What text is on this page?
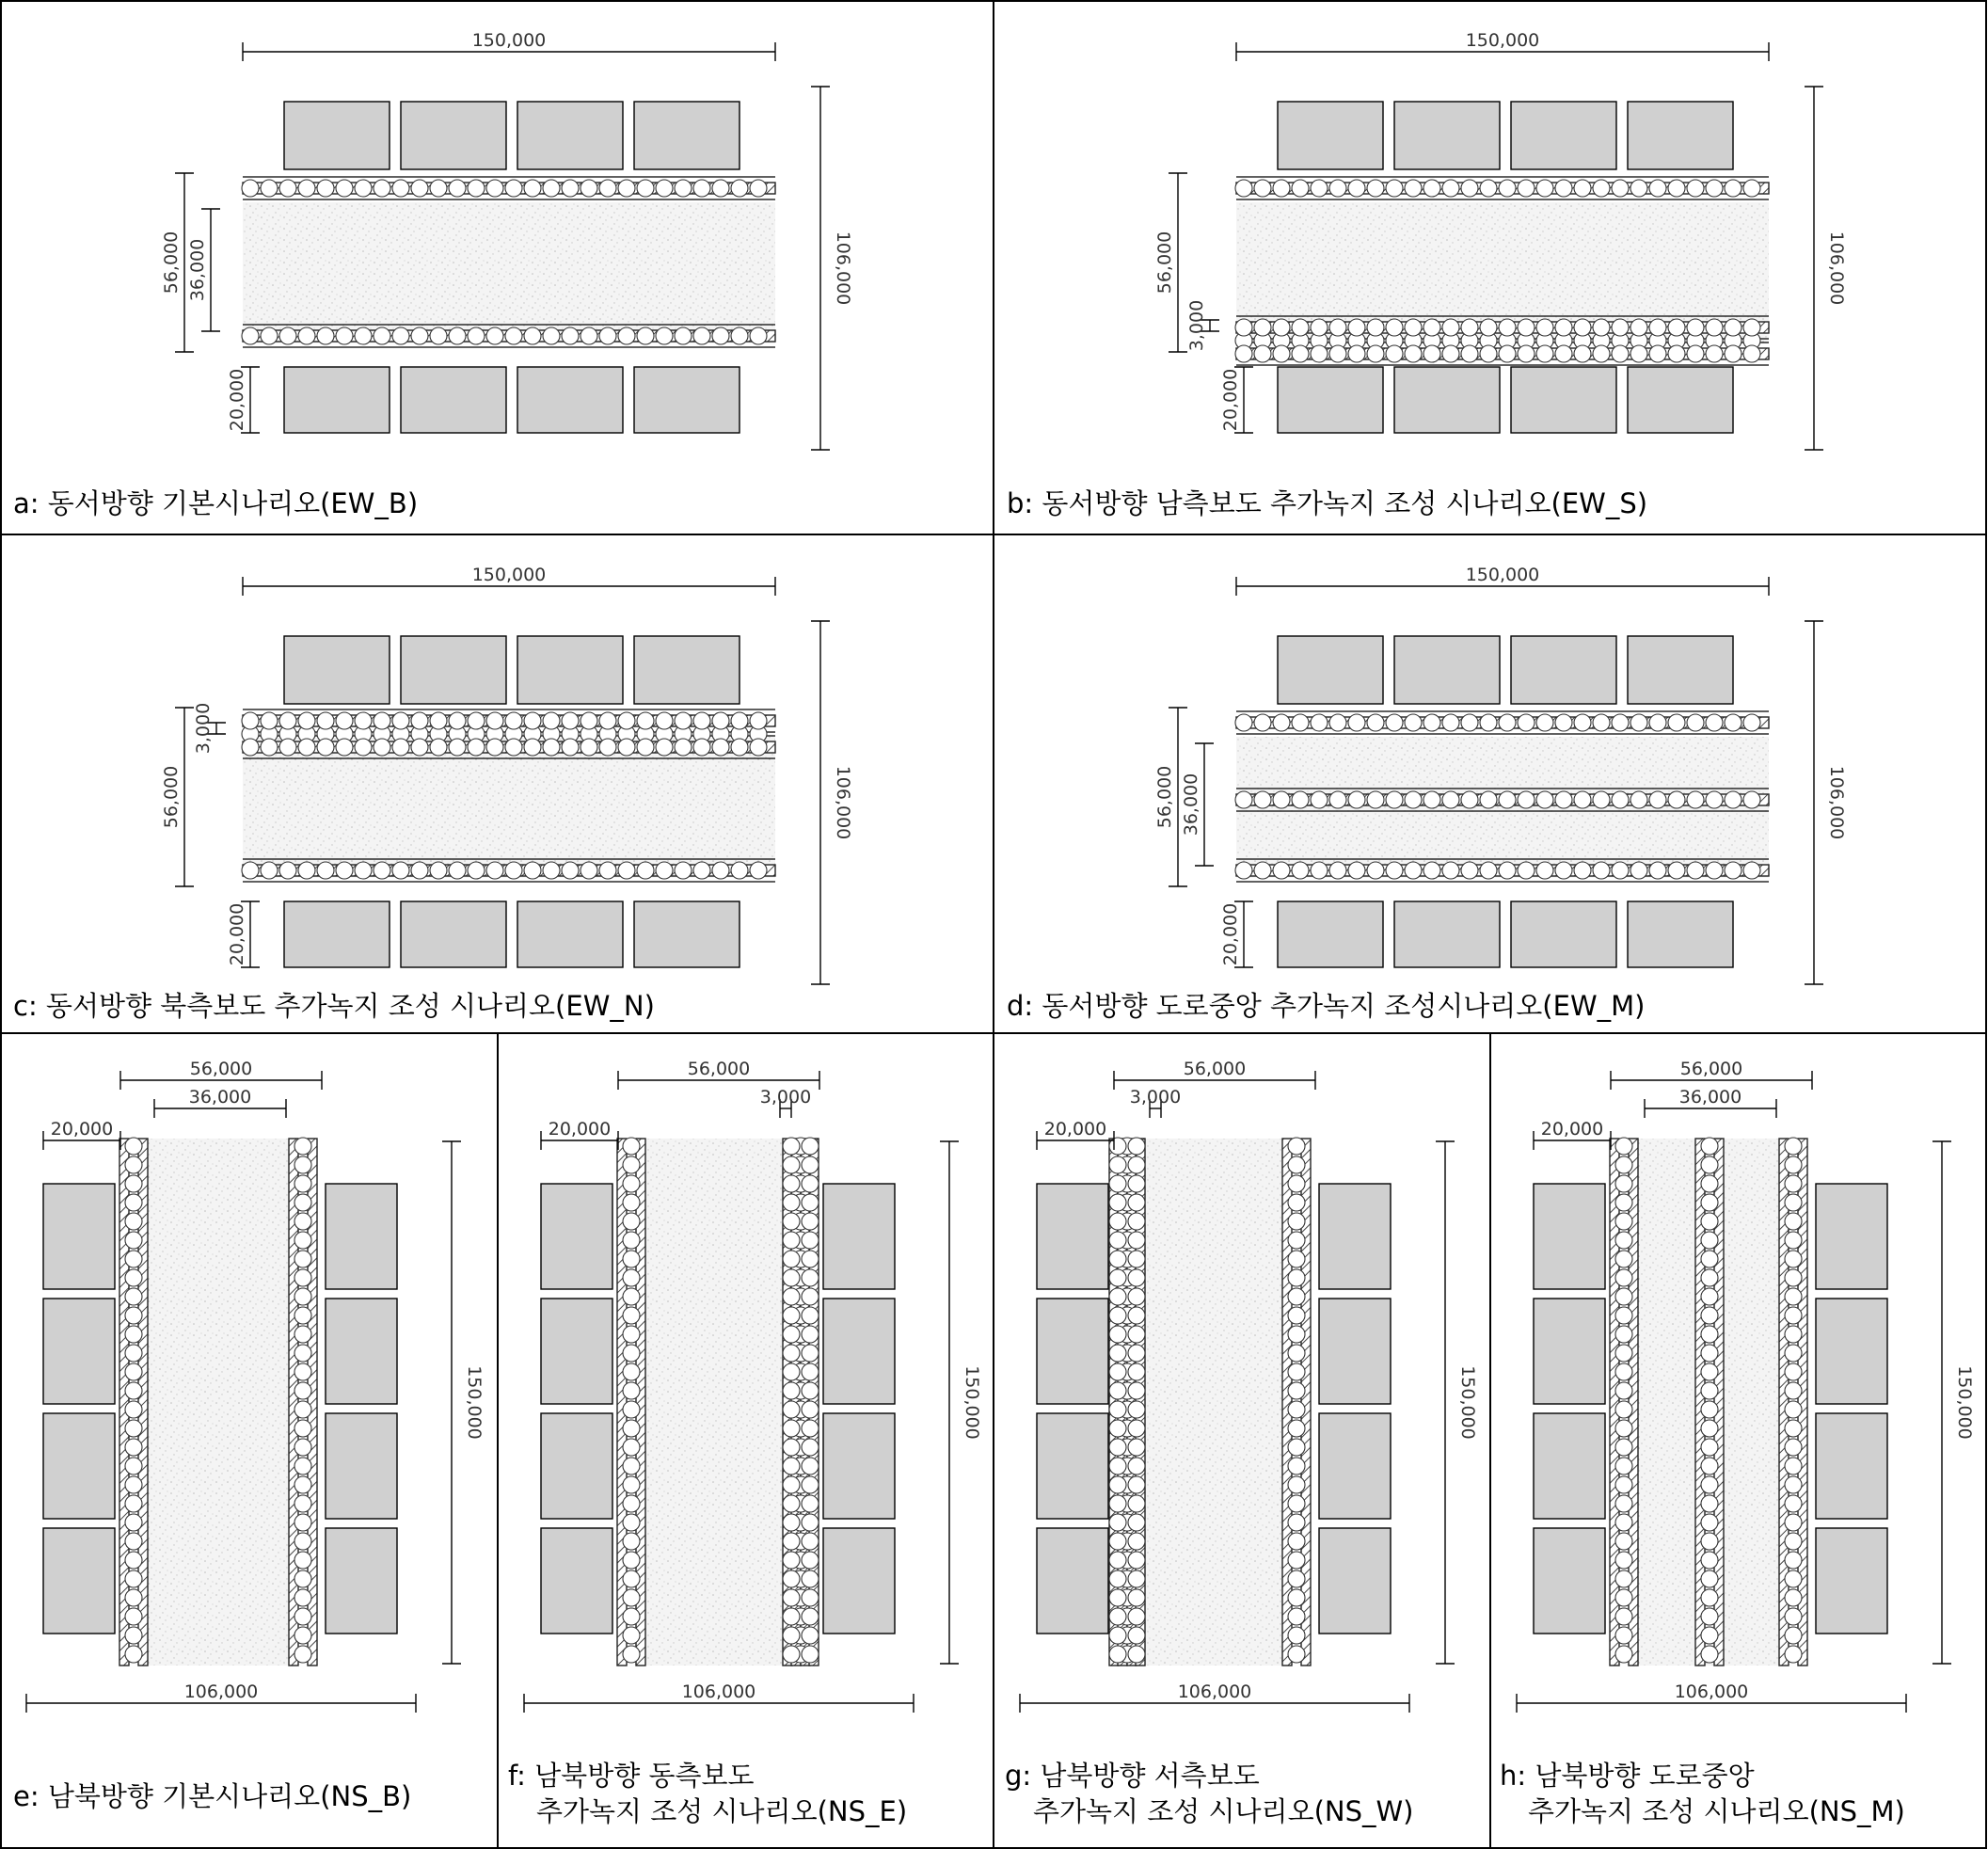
150,000
106,000
56,000 36,000
20,000
150,000
106,000
56,000
3,000
20,000
150,000
106,000
56,000
3,000
20,000
150,000
106,000
56,000 36,000
20,000
56,000
36,000
20,000
150,000
106,000
56,000
3,000
20,000
150,000
106,000
56,000
3,000
20,000
150,000
106,000
56,000
36,000
20,000
150,000
106,000
a: 동서방향 기본시나리오(EW_B)	b: 동서방향 남측보도 추가녹지 조성 시나리오(EW_S)
c: 동서방향 북측보도 추가녹지 조성 시나리오(EW_N)	d: 동서방향 도로중앙 추가녹지 조성시나리오(EW_M)
e: 남북방향 기본시나리오(NS_B)
f: 남북방향 동측보도
추가녹지 조성 시나리오(NS_E)
g: 남북방향 서측보도
추가녹지 조성 시나리오(NS_W)
h: 남북방향 도로중앙
추가녹지 조성 시나리오(NS_M)
